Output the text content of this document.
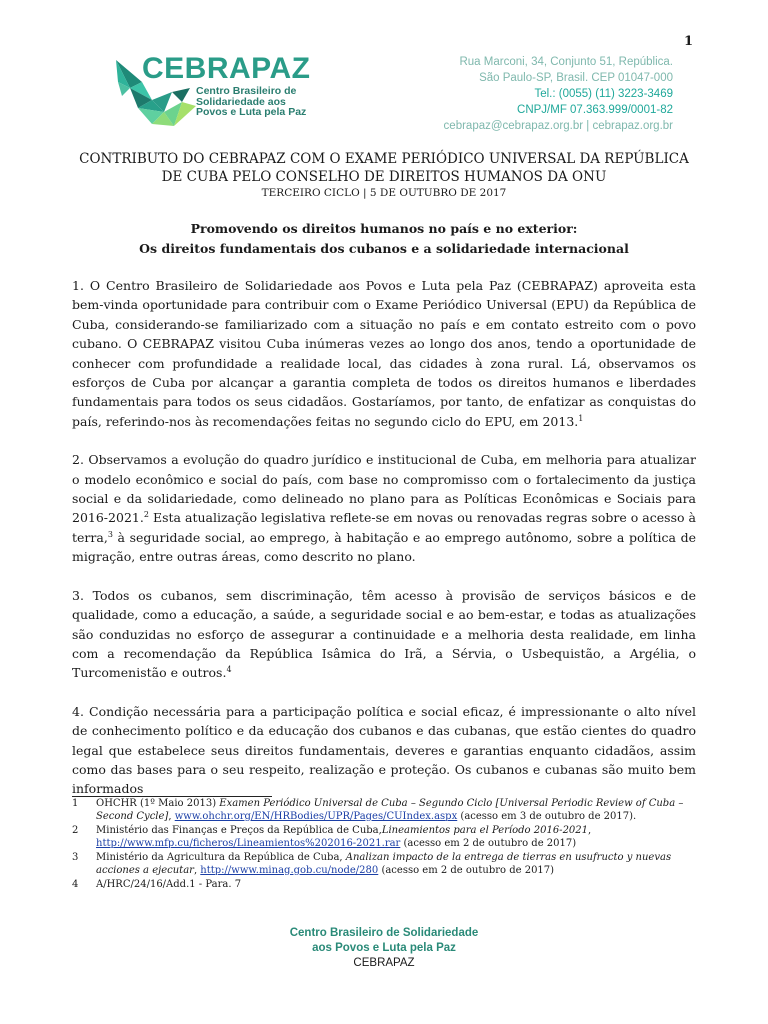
1
CEBRAPAZ
Centro Brasileiro de
Solidariedade aos
Povos e Luta pela Paz
Rua Marconi, 34, Conjunto 51, República.
São Paulo-SP, Brasil. CEP 01047-000
Tel.: (0055) (11) 3223-3469
CNPJ/MF 07.363.999/0001-82
cebrapaz@cebrapaz.org.br | cebrapaz.org.br
CONTRIBUTO DO CEBRAPAZ COM O EXAME PERIÓDICO UNIVERSAL DA REPÚBLICA
DE CUBA PELO CONSELHO DE DIREITOS HUMANOS DA ONU
TERCEIRO CICLO | 5 DE OUTUBRO DE 2017
Promovendo os direitos humanos no país e no exterior:
Os direitos fundamentais dos cubanos e a solidariedade internacional

1. O Centro Brasileiro de Solidariedade aos Povos e Luta pela Paz (CEBRAPAZ) aproveita esta bem-vinda oportunidade para contribuir com o Exame Periódico Universal (EPU) da República de Cuba, considerando-se familiarizado com a situação no país e em contato estreito com o povo cubano. O CEBRAPAZ visitou Cuba inúmeras vezes ao longo dos anos, tendo a oportunidade de conhecer com profundidade a realidade local, das cidades à zona rural. Lá, observamos os esforços de Cuba por alcançar a garantia completa de todos os direitos humanos e liberdades fundamentais para todos os seus cidadãos. Gostaríamos, por tanto, de enfatizar as conquistas do país, referindo-nos às recomendações feitas no segundo ciclo do EPU, em 2013.$^1$

2. Observamos a evolução do quadro jurídico e institucional de Cuba, em melhoria para atualizar o modelo econômico e social do país, com base no compromisso com o fortalecimento da justiça social e da solidariedade, como delineado no plano para as Políticas Econômicas e Sociais para 2016-2021.$^2$ Esta atualização legislativa reflete-se em novas ou renovadas regras sobre o acesso à terra,$^3$ à seguridade social, ao emprego, à habitação e ao emprego autônomo, sobre a política de migração, entre outras áreas, como descrito no plano.

3. Todos os cubanos, sem discriminação, têm acesso à provisão de serviços básicos e de qualidade, como a educação, a saúde, a seguridade social e ao bem-estar, e todas as atualizações são conduzidas no esforço de assegurar a continuidade e a melhoria desta realidade, em linha com a recomendação da República Isâmica do Irã, a Sérvia, o Usbequistão, a Argélia, o Turcomenistão e outros.$^4$

4. Condição necessária para a participação política e social eficaz, é impressionante o alto nível de conhecimento político e da educação dos cubanos e das cubanas, que estão cientes do quadro legal que estabelece seus direitos fundamentais, deveres e garantias enquanto cidadãos, assim como das bases para o seu respeito, realização e proteção. Os cubanos e cubanas são muito bem informados

1	OHCHR (1º Maio 2013) Examen Periódico Universal de Cuba – Segundo Ciclo [Universal Periodic Review of Cuba – Second Cycle], www.ohchr.org/EN/HRBodies/UPR/Pages/CUIndex.aspx (acesso em 3 de outubro de 2017).
2	Ministério das Finanças e Preços da República de Cuba,Lineamientos para el Período 2016-2021, http://www.mfp.cu/ficheros/Lineamientos%202016-2021.rar (acesso em 2 de outubro de 2017)
3	Ministério da Agricultura da República de Cuba, Analizan impacto de la entrega de tierras en usufructo y nuevas acciones a ejecutar, http://www.minag.gob.cu/node/280 (acesso em 2 de outubro de 2017)
4	A/HRC/24/16/Add.1 - Para. 7
Centro Brasileiro de Solidariedade
aos Povos e Luta pela Paz
CEBRAPAZ
